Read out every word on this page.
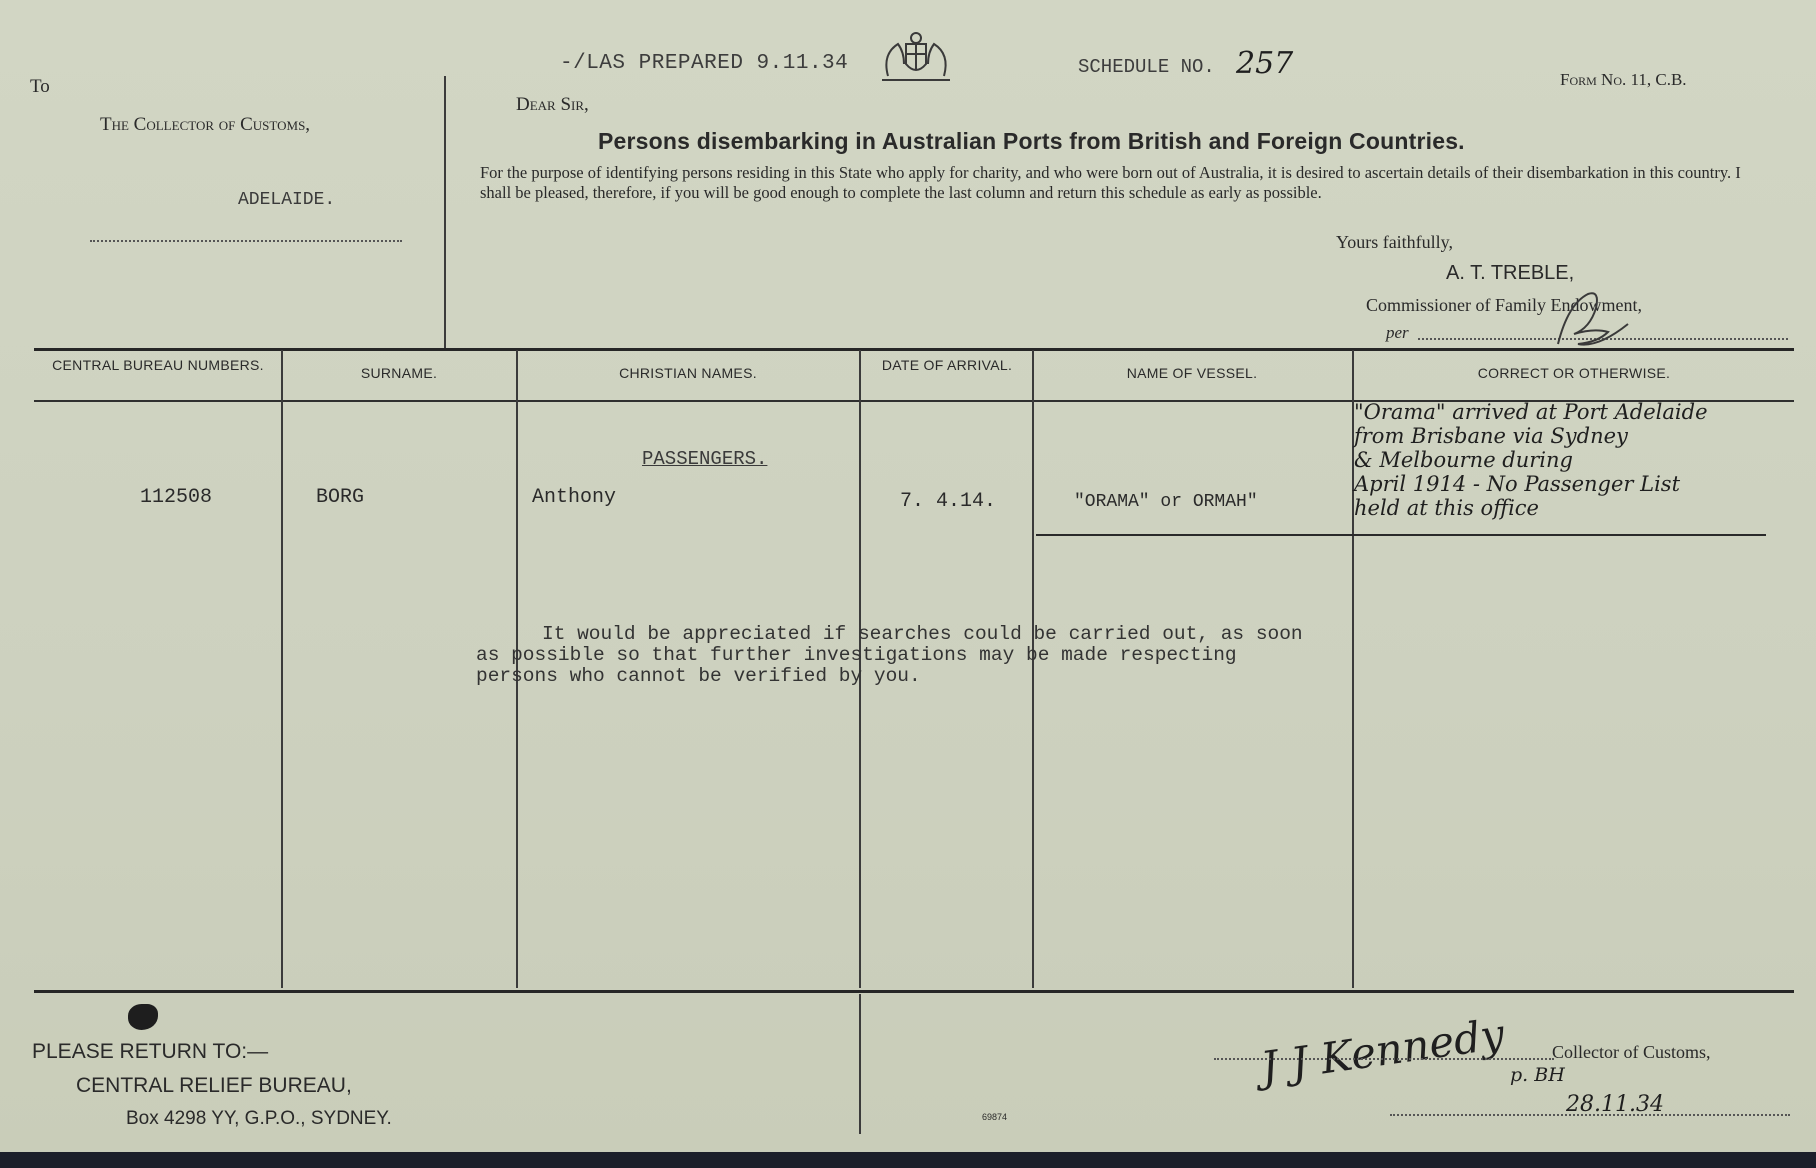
To
The Collector of Customs,
ADELAIDE.
-/LAS PREPARED 9.11.34	SCHEDULE NO. 257	Form No. 11, C.B.
Dear Sir,
Persons disembarking in Australian Ports from British and Foreign Countries.
For the purpose of identifying persons residing in this State who apply for charity, and who were born out of Australia, it is desired to ascertain details of their disembarkation in this country. I shall be pleased, therefore, if you will be good enough to complete the last column and return this schedule as early as possible.
Yours faithfully,
A. T. TREBLE,
Commissioner of Family Endowment,
per
CENTRAL BUREAU NUMBERS.	SURNAME.	CHRISTIAN NAMES.	DATE OF ARRIVAL.	NAME OF VESSEL.	CORRECT OR OTHERWISE.
PASSENGERS.
112508	BORG	Anthony	7. 4.14.	"ORAMA" or ORMAH"
"Orama" arrived at Port Adelaide
from Brisbane via Sydney
& Melbourne during
April 1914 - No Passenger List
held at this office
It would be appreciated if searches could be carried out, as soon
as possible so that further investigations may be made respecting
persons who cannot be verified by you.
PLEASE RETURN TO:—
CENTRAL RELIEF BUREAU,
Box 4298 YY, G.P.O., SYDNEY.	69874
J J Kennedy p. BH
Collector of Customs,
28.11.34
